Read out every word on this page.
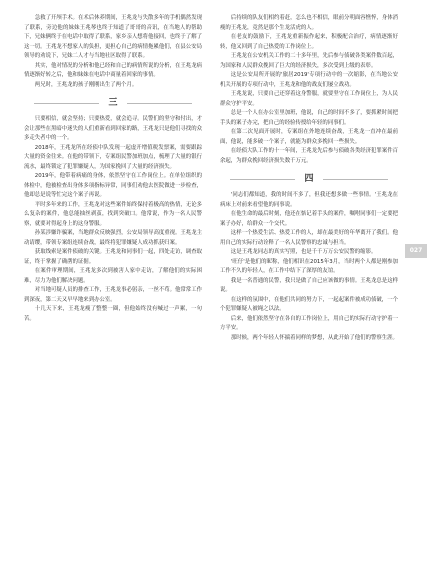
急救了开颅手术。在术后休养期间，王兆龙与失散多年的手机偶然发现了联系，旁边他的妹妹王兆琴也终于知道了哥哥的音讯，在当地人的帮助下，兄妹俩终于在电话中取得了联系，家乡亲人想将他接回，也终于了解了这一切。王兆龙不想家人的负担，更担心自己的病情拖累他们，在县公安局领导的劝说下，兄妹二人才与当地社区取得了联系。

其实，他对情况的分析和他已经和自己的病情所说的分析，在王兆龙病情逐渐好转之后，他和妹妹在电话中商量着回家的事情。

两兄时，王兆龙的孩子刚刚出生了两个月。

三

只要相信，就会坚持；只要热爱，就会追寻。民警们的坚守和付出，才会让那些在黑暗中迷失的人们重新看到回家的路，王兆龙只是他们寻找的众多走失者中的一个。

2018年，王兆龙所在经侦中队发现一起虚开增值税发票案，需要跟踪大量的资金往来。在他的带领下，专案组民警加班加点，梳理了大量的银行流水，最终锁定了犯罪嫌疑人，为国家挽回了大量的经济损失。

2019年，他带着病痛的身体，依然坚守在工作岗位上。在单位组织的体检中，他被检查出身体多项指标异常，同事们劝他去医院做进一步检查，他却总是说等忙完这个案子再说。

平时多年来的工作，王兆龙对这些案件始终保持着极高的热情，无论多么复杂的案件，他总能抽丝剥茧，找到突破口。他常说，作为一名人民警察，就要对得起身上的这身警服。

孙某涉嫌诈骗案，当地群众反映强烈，公安局领导高度重视。王兆龙主动请缨，带领专案组连续奋战，最终将犯罪嫌疑人成功抓获归案。

获取线索是案件侦破的关键。王兆龙和同事们一起，四处走访，调查取证，终于掌握了确凿的证据。

在案件审理期间，王兆龙多次到被害人家中走访，了解他们的实际困难，尽力为他们解决问题。

对当地可疑人员的排查工作，王兆龙事必躬亲，一丝不苟。他常常工作到深夜，第二天又早早地来到办公室。

十几天下来，王兆龙瘦了整整一圈，但他始终没有喊过一声累，一句苦。

后持续的队友们相约着赶，怎么也不相信，眼前分明面容憔悴，身体消瘦的王兆龙，竟然是那个生龙活虎的人。

在老友的鼓励下，王兆龙重新振作起来，积极配合治疗，病情逐渐好转，他又回到了自己热爱的工作岗位上。

王兆龙在公安机关工作的二十多年里，先后参与侦破各类案件数百起，为国家和人民群众挽回了巨大的经济损失，多次受到上级的表彰。

这是公安局所开展的'旅居2019'专项行动中的一次缩影，在当地公安机关开展的专项行动中，王兆龙和他的战友们屡立战功。

王兆龙说，只要自己还穿着这身警服，就要坚守在工作岗位上，为人民群众守护平安。

总是一个人在办公室里加班，他说，自己的时间不多了，要抓紧时间把手头的案子办完，把自己的经验传授给年轻的同事们。

在第二次见面开展时，专案组在外地连续奋战，王兆龙一直冲在最前面，他说，能多破一个案子，就能为群众多挽回一些损失。

在经侦大队工作的十一年间，王兆龙先后参与侦破各类经济犯罪案件百余起，为群众挽回经济损失数千万元。

四

'同志们都知道，我的时间不多了，但我还想多做一些事情。'王兆龙在病床上对前来看望他的同事说。

在他生命的最后时刻，他还在惦记着手头的案件，嘱咐同事们一定要把案子办好，给群众一个交代。

这样一个热爱生活、热爱工作的人，却在最美好的年华离开了我们。他用自己的实际行动诠释了一名人民警察的忠诚与担当。

这是王兆龙同志的真实写照，也是千千万万公安民警的缩影。

'旺仔'是他们的昵称，他们相识在2015年3月，当时两个人都是刚参加工作不久的年轻人，在工作中结下了深厚的友谊。

我是一名普通的民警，我只是做了自己应该做的事情。王兆龙总是这样说。

在这样的氛围中，在他们共同的努力下，一起起案件被成功侦破，一个个犯罪嫌疑人被绳之以法。

后来，他们依然坚守在各自的工作岗位上，用自己的实际行动守护着一方平安。

那时候，两个年轻人怀揣着同样的梦想，从此开始了他们的警察生涯。

027
